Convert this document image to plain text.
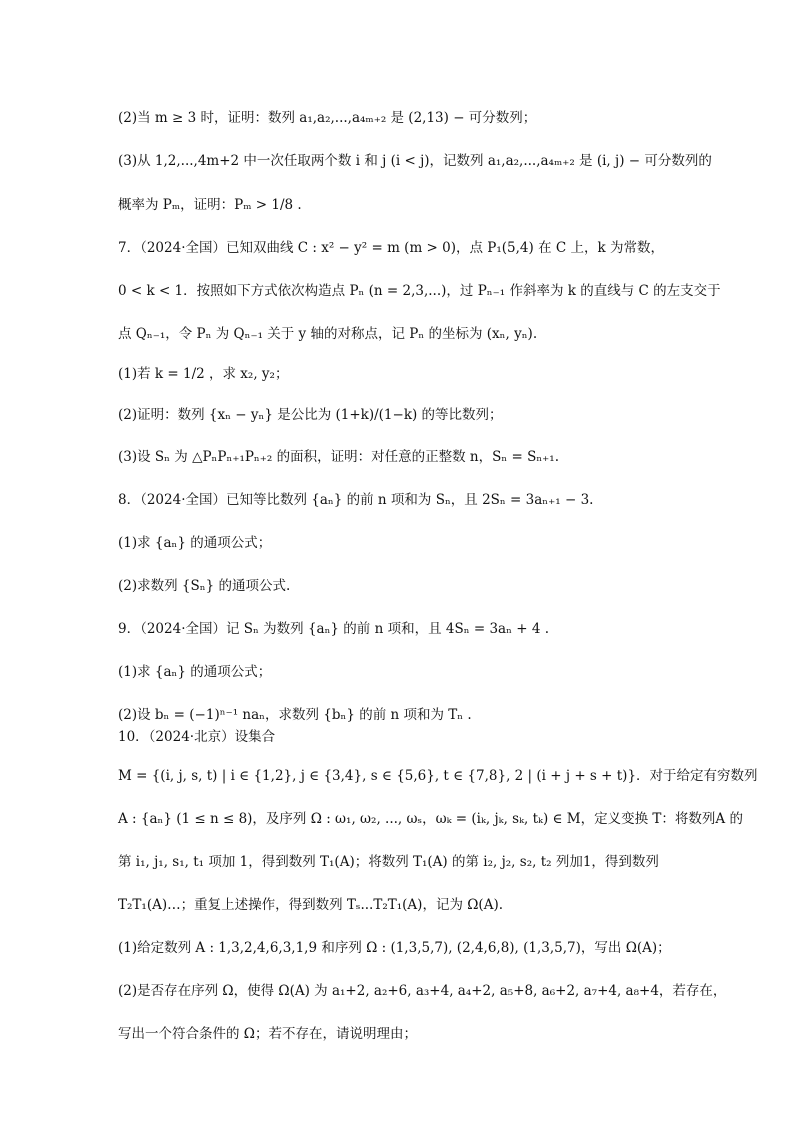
(2)当 m ≥ 3 时，证明：数列 a₁,a₂,...,a₄ₘ₊₂ 是 (2,13) − 可分数列；
(3)从 1,2,...,4m+2 中一次任取两个数 i 和 j (i < j)，记数列 a₁,a₂,...,a₄ₘ₊₂ 是 (i, j) − 可分数列的
概率为 Pₘ，证明：Pₘ > 1/8 .
7．（2024·全国）已知双曲线 C : x² − y² = m (m > 0)，点 P₁(5,4) 在 C 上，k 为常数，
0 < k < 1．按照如下方式依次构造点 Pₙ (n = 2,3,...)，过 Pₙ₋₁ 作斜率为 k 的直线与 C 的左支交于
点 Qₙ₋₁，令 Pₙ 为 Qₙ₋₁ 关于 y 轴的对称点，记 Pₙ 的坐标为 (xₙ, yₙ).
(1)若 k = 1/2 ，求 x₂, y₂；
(2)证明：数列 {xₙ − yₙ} 是公比为 (1+k)/(1−k) 的等比数列；
(3)设 Sₙ 为 △PₙPₙ₊₁Pₙ₊₂ 的面积，证明：对任意的正整数 n，Sₙ = Sₙ₊₁.
8．（2024·全国）已知等比数列 {aₙ} 的前 n 项和为 Sₙ，且 2Sₙ = 3aₙ₊₁ − 3.
(1)求 {aₙ} 的通项公式；
(2)求数列 {Sₙ} 的通项公式.
9．（2024·全国）记 Sₙ 为数列 {aₙ} 的前 n 项和，且 4Sₙ = 3aₙ + 4 .
(1)求 {aₙ} 的通项公式；
(2)设 bₙ = (−1)ⁿ⁻¹ naₙ，求数列 {bₙ} 的前 n 项和为 Tₙ .
10．（2024·北京）设集合
M = {(i, j, s, t) | i ∈ {1,2}, j ∈ {3,4}, s ∈ {5,6}, t ∈ {7,8}, 2 | (i + j + s + t)}．对于给定有穷数列
A : {aₙ} (1 ≤ n ≤ 8)，及序列 Ω : ω₁, ω₂, ..., ωₛ，ωₖ = (iₖ, jₖ, sₖ, tₖ) ∈ M，定义变换 T：将数列A 的
第 i₁, j₁, s₁, t₁ 项加 1，得到数列 T₁(A)；将数列 T₁(A) 的第 i₂, j₂, s₂, t₂ 列加1，得到数列
T₂T₁(A)…；重复上述操作，得到数列 Tₛ...T₂T₁(A)，记为 Ω(A).
(1)给定数列 A : 1,3,2,4,6,3,1,9 和序列 Ω : (1,3,5,7), (2,4,6,8), (1,3,5,7)，写出 Ω(A)；
(2)是否存在序列 Ω，使得 Ω(A) 为 a₁+2, a₂+6, a₃+4, a₄+2, a₅+8, a₆+2, a₇+4, a₈+4，若存在，
写出一个符合条件的 Ω；若不存在，请说明理由；
